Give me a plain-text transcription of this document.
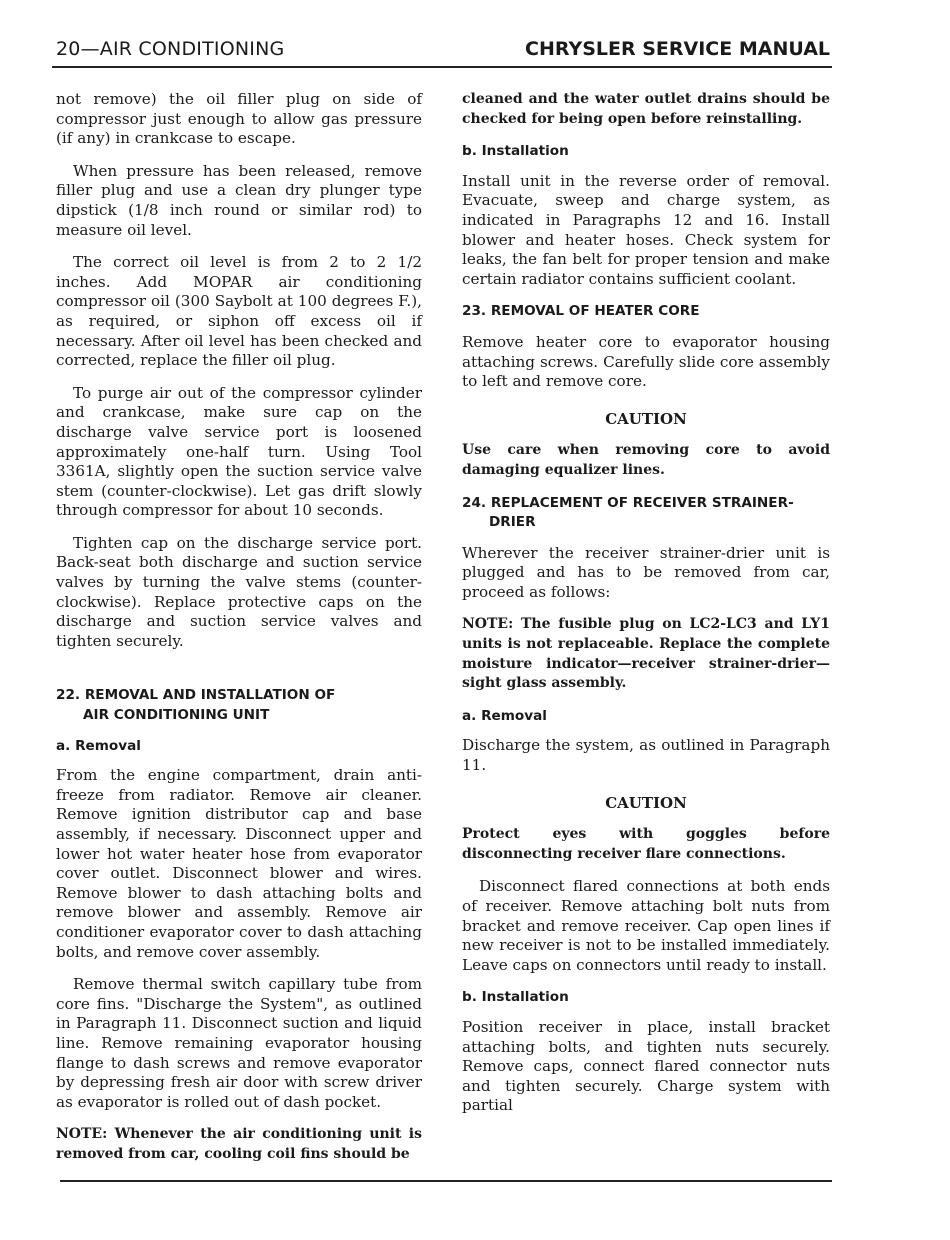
20—AIR CONDITIONING	CHRYSLER SERVICE MANUAL

not remove) the oil filler plug on side of compressor just enough to allow gas pressure (if any) in crankcase to escape.

When pressure has been released, remove filler plug and use a clean dry plunger type dipstick (1/8 inch round or similar rod) to measure oil level.

The correct oil level is from 2 to 2 1/2 inches. Add MOPAR air conditioning compressor oil (300 Saybolt at 100 degrees F.), as required, or siphon off excess oil if necessary. After oil level has been checked and corrected, replace the filler oil plug.

To purge air out of the compressor cylinder and crankcase, make sure cap on the discharge valve service port is loosened approximately one-half turn. Using Tool 3361A, slightly open the suction service valve stem (counter-clockwise). Let gas drift slowly through compressor for about 10 seconds.

Tighten cap on the discharge service port. Back-seat both discharge and suction service valves by turning the valve stems (counter-clockwise). Replace protective caps on the discharge and suction service valves and tighten securely.

22. REMOVAL AND INSTALLATION OF
AIR CONDITIONING UNIT
a. Removal

From the engine compartment, drain anti-freeze from radiator. Remove air cleaner. Remove ignition distributor cap and base assembly, if necessary. Disconnect upper and lower hot water heater hose from evaporator cover outlet. Disconnect blower and wires. Remove blower to dash attaching bolts and remove blower and assembly. Remove air conditioner evaporator cover to dash attaching bolts, and remove cover assembly.

Remove thermal switch capillary tube from core fins. "Discharge the System", as outlined in Paragraph 11. Disconnect suction and liquid line. Remove remaining evaporator housing flange to dash screws and remove evaporator by depressing fresh air door with screw driver as evaporator is rolled out of dash pocket.

NOTE: Whenever the air conditioning unit is removed from car, cooling coil fins should be

cleaned and the water outlet drains should be checked for being open before reinstalling.

b. Installation

Install unit in the reverse order of removal. Evacuate, sweep and charge system, as indicated in Paragraphs 12 and 16. Install blower and heater hoses. Check system for leaks, the fan belt for proper tension and make certain radiator contains sufficient coolant.

23. REMOVAL OF HEATER CORE

Remove heater core to evaporator housing attaching screws. Carefully slide core assembly to left and remove core.

CAUTION

Use care when removing core to avoid damaging equalizer lines.

24. REPLACEMENT OF RECEIVER STRAINER-
DRIER

Wherever the receiver strainer-drier unit is plugged and has to be removed from car, proceed as follows:

NOTE: The fusible plug on LC2-LC3 and LY1 units is not replaceable. Replace the complete moisture indicator—receiver strainer-drier—sight glass assembly.

a. Removal

Discharge the system, as outlined in Paragraph 11.

CAUTION

Protect eyes with goggles before disconnecting receiver flare connections.

Disconnect flared connections at both ends of receiver. Remove attaching bolt nuts from bracket and remove receiver. Cap open lines if new receiver is not to be installed immediately. Leave caps on connectors until ready to install.

b. Installation

Position receiver in place, install bracket attaching bolts, and tighten nuts securely. Remove caps, connect flared connector nuts and tighten securely. Charge system with partial
